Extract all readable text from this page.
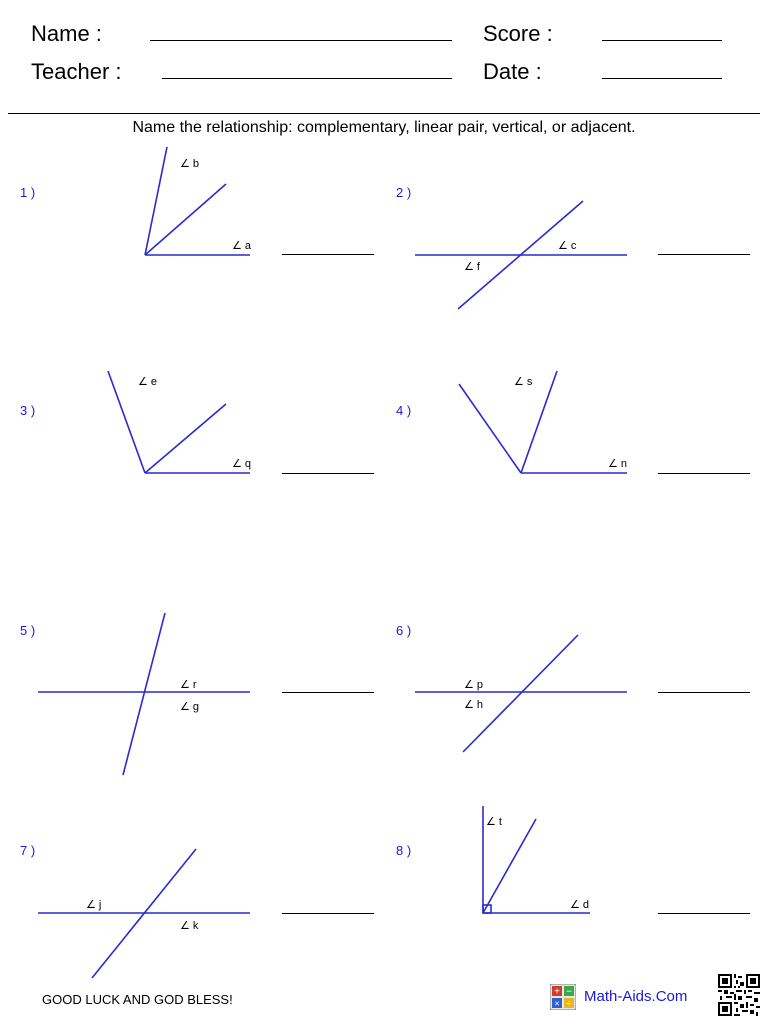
Name :
Teacher :
Score :
Date :
Name the relationship: complementary, linear pair, vertical, or adjacent.
1 )	2 )
3 )	4 )
5 )	6 )
7 )	8 )
∠ b
∠ a	∠ c
∠ f
∠ e
∠ q
∠ s
∠ n
∠ r
∠ g
∠ p
∠ h
∠ j
∠ k
∠ t
∠ d
GOOD LUCK AND GOD BLESS!	+ −
× ÷ Math-Aids.Com
